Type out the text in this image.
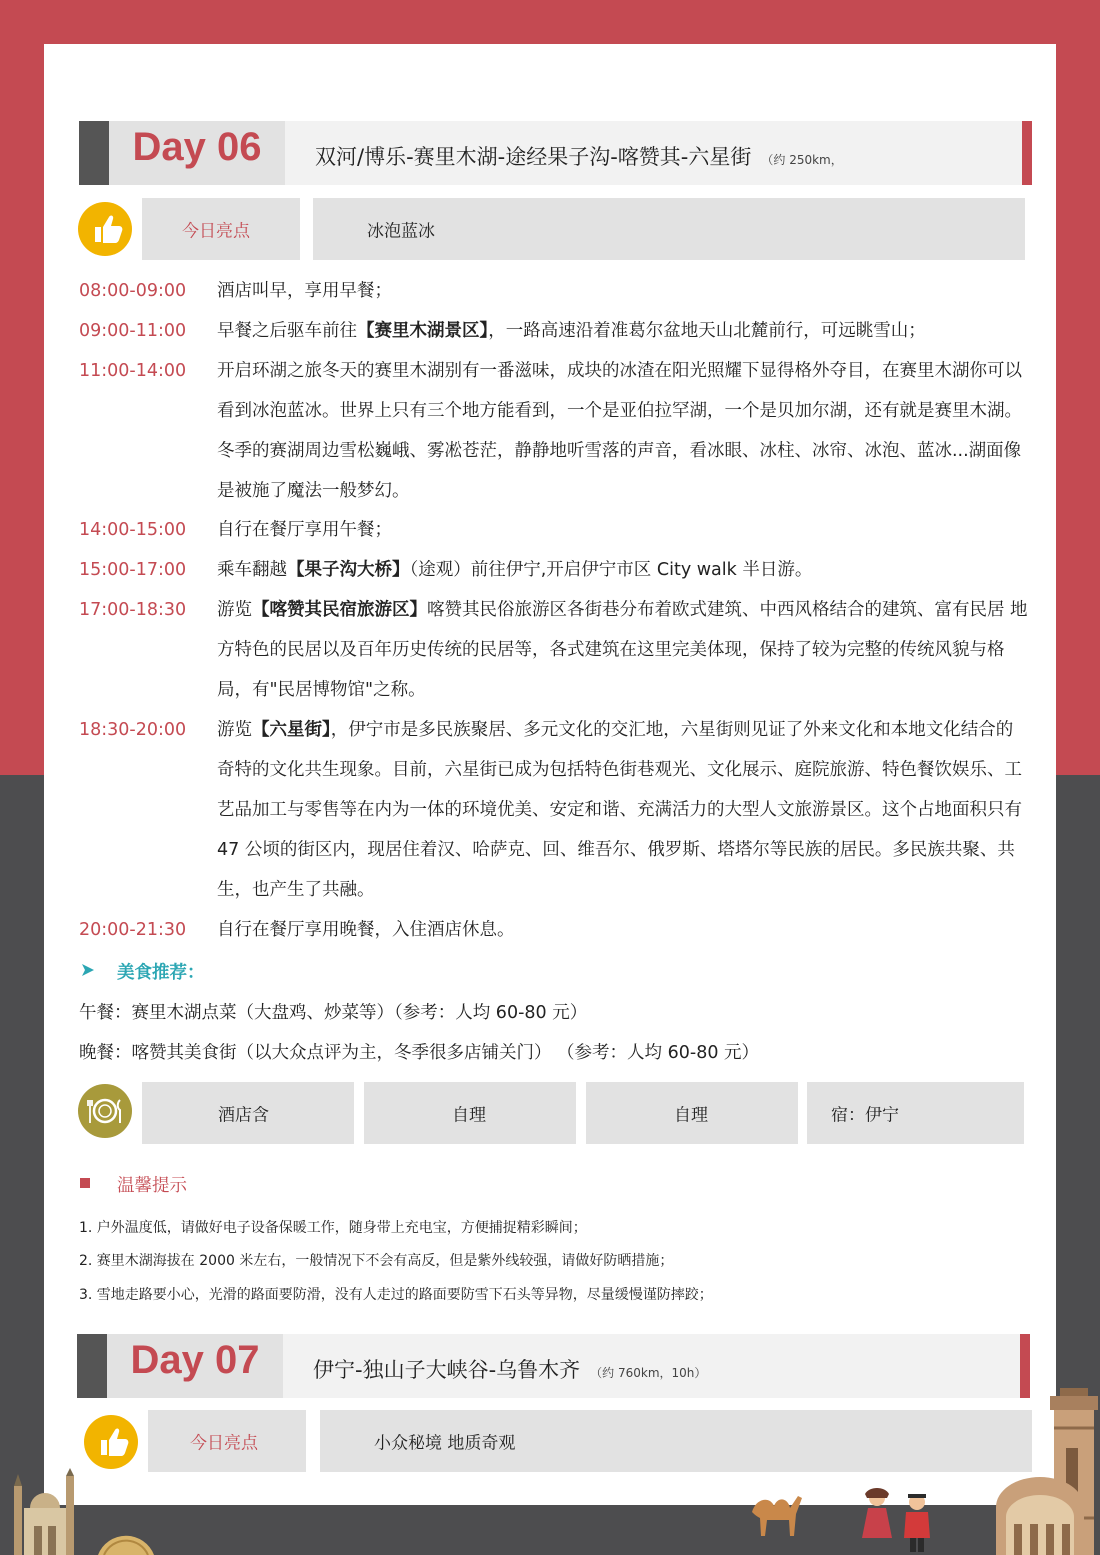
Day 06	双河/博乐-赛里木湖-途经果子沟-喀赞其-六星街 （约 250km，
今日亮点	冰泡蓝冰
08:00-09:00 酒店叫早，享用早餐；
09:00-11:00 早餐之后驱车前往【赛里木湖景区】，一路高速沿着准葛尔盆地天山北麓前行，可远眺雪山；
11:00-14:00 开启环湖之旅冬天的赛里木湖别有一番滋味，成块的冰渣在阳光照耀下显得格外夺目，在赛里木湖你可以看到冰泡蓝冰。世界上只有三个地方能看到，一个是亚伯拉罕湖，一个是贝加尔湖，还有就是赛里木湖。冬季的赛湖周边雪松巍峨、雾凇苍茫，静静地听雪落的声音，看冰眼、冰柱、冰帘、冰泡、蓝冰...湖面像是被施了魔法一般梦幻。
14:00-15:00 自行在餐厅享用午餐；
15:00-17:00 乘车翻越【果子沟大桥】（途观）前往伊宁,开启伊宁市区 City walk 半日游。
17:00-18:30 游览【喀赞其民宿旅游区】喀赞其民俗旅游区各街巷分布着欧式建筑、中西风格结合的建筑、富有民居 地方特色的民居以及百年历史传统的民居等，各式建筑在这里完美体现，保持了较为完整的传统风貌与格局，有"民居博物馆"之称。
18:30-20:00 游览【六星街】，伊宁市是多民族聚居、多元文化的交汇地，六星街则见证了外来文化和本地文化结合的奇特的文化共生现象。目前，六星街已成为包括特色街巷观光、文化展示、庭院旅游、特色餐饮娱乐、工艺品加工与零售等在内为一体的环境优美、安定和谐、充满活力的大型人文旅游景区。这个占地面积只有 47 公顷的街区内，现居住着汉、哈萨克、回、维吾尔、俄罗斯、塔塔尔等民族的居民。多民族共聚、共生，也产生了共融。
20:00-21:30 自行在餐厅享用晚餐，入住酒店休息。
美食推荐：
午餐：赛里木湖点菜（大盘鸡、炒菜等）（参考：人均 60-80 元）
晚餐：喀赞其美食街（以大众点评为主，冬季很多店铺关门） （参考：人均 60-80 元）
酒店含	自理	自理	宿：伊宁
温馨提示
1. 户外温度低，请做好电子设备保暖工作，随身带上充电宝，方便捕捉精彩瞬间；
2. 赛里木湖海拔在 2000 米左右，一般情况下不会有高反，但是紫外线较强，请做好防晒措施；
3. 雪地走路要小心，光滑的路面要防滑，没有人走过的路面要防雪下石头等异物，尽量缓慢谨防摔跤；
Day 07	伊宁-独山子大峡谷-乌鲁木齐 （约 760km，10h）
今日亮点	小众秘境 地质奇观
